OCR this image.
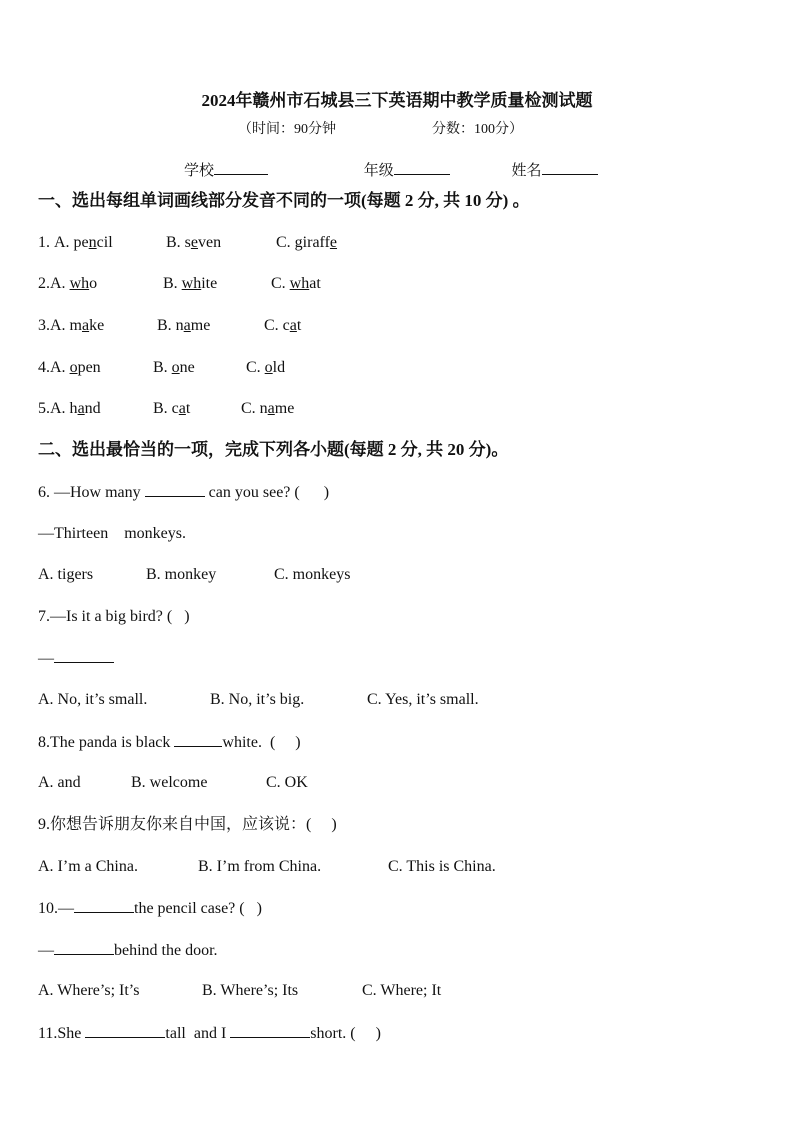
2024年赣州市石城县三下英语期中教学质量检测试题
（时间：90分钟	分数：100分）
学校	年级	姓名
一、选出每组单词画线部分发音不同的一项(每题 2 分, 共 10 分) 。
1. A. pencil	B. seven	C. giraffe
2.A. who	B. white	C. what
3.A. make	B. name	C. cat
4.A. open	B. one	C. old
5.A. hand	B. cat	C. name
二、选出最恰当的一项，完成下列各小题(每题 2 分, 共 20 分)。
6. —How many	can you see? (      )
—Thirteen    monkeys.
A. tigers	B. monkey	C. monkeys
7.—Is it a big bird? (   )
—
A. No, it’s small.	B. No, it’s big.	C. Yes, it’s small.
8.The panda is black	white.  (     )
A. and	B. welcome	C. OK
9.你想告诉朋友你来自中国，应该说：(     )
A. I’m a China.	B. I’m from China.	C. This is China.
10.—	the pencil case? (   )
—	behind the door.
A. Where’s; It’s	B. Where’s; Its	C. Where; It
11.She	tall  and I	short. (     )
